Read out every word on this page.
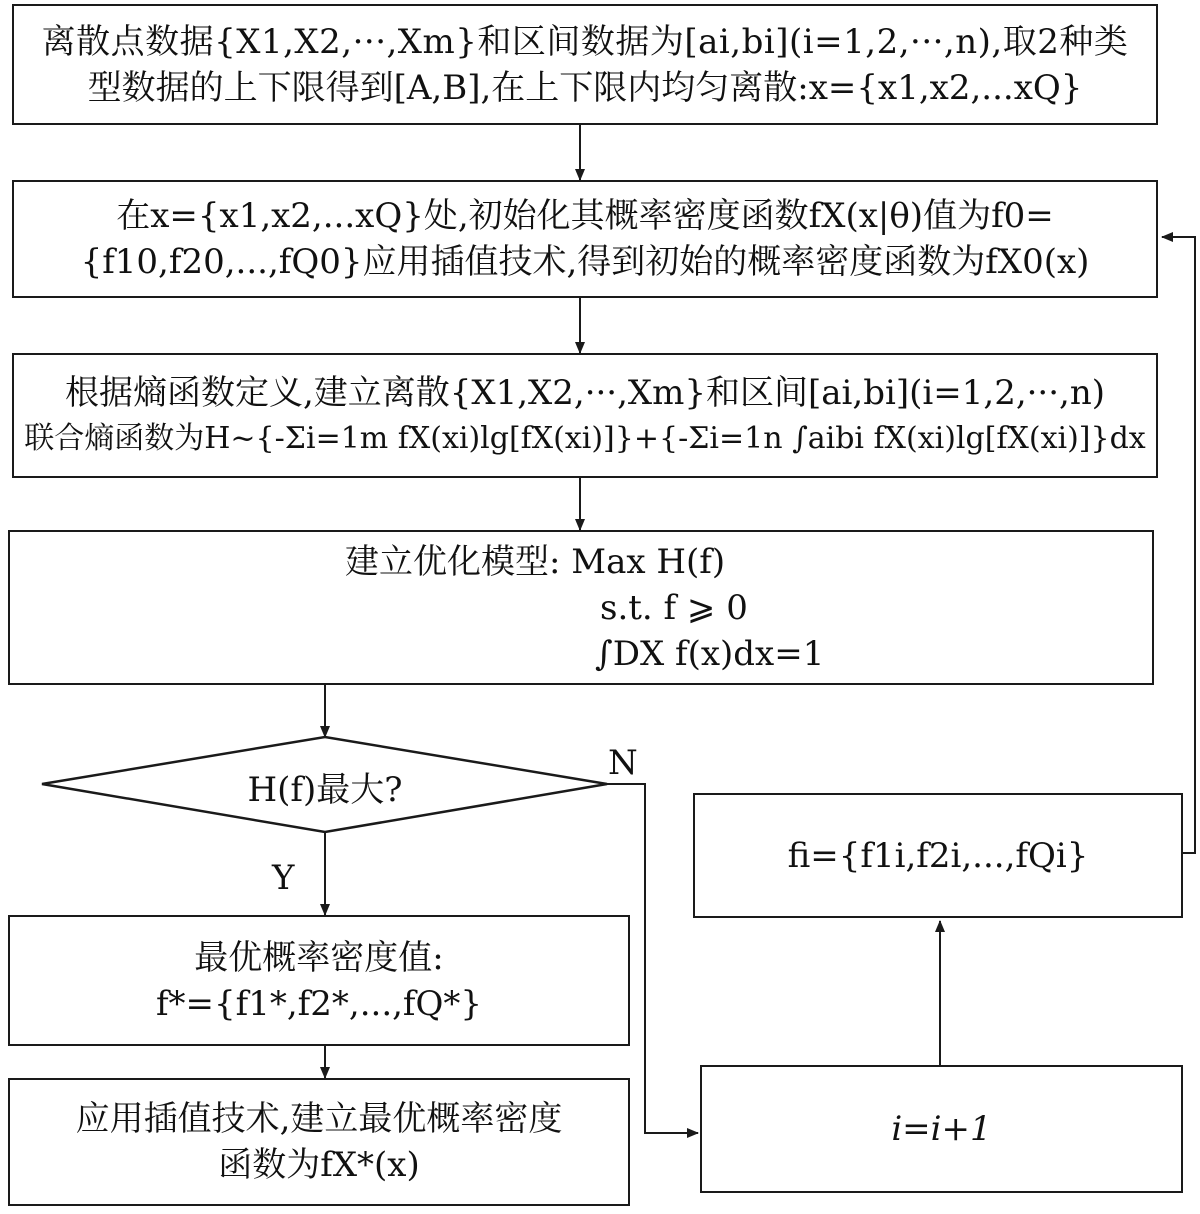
离散点数据{X1,X2,···,Xm}和区间数据为[ai,bi](i=1,2,···,n),取2种类
型数据的上下限得到[A,B],在上下限内均匀离散:x={x1,x2,...xQ}
在x={x1,x2,...xQ}处,初始化其概率密度函数fX(x|θ)值为f0=
{f10,f20,...,fQ0}应用插值技术,得到初始的概率密度函数为fX0(x)
根据熵函数定义,建立离散{X1,X2,···,Xm}和区间[ai,bi](i=1,2,···,n)
联合熵函数为H~{-Σi=1m fX(xi)lg[fX(xi)]}+{-Σi=1n ∫aibi fX(xi)lg[fX(xi)]}dx
建立优化模型: Max H(f)
s.t. f ⩾ 0
∫DX f(x)dx=1
H(f)最大?
N
Y
fi={f1i,f2i,...,fQi}
最优概率密度值:
f*={f1*,f2*,...,fQ*}
应用插值技术,建立最优概率密度
函数为fX*(x)
i=i+1
